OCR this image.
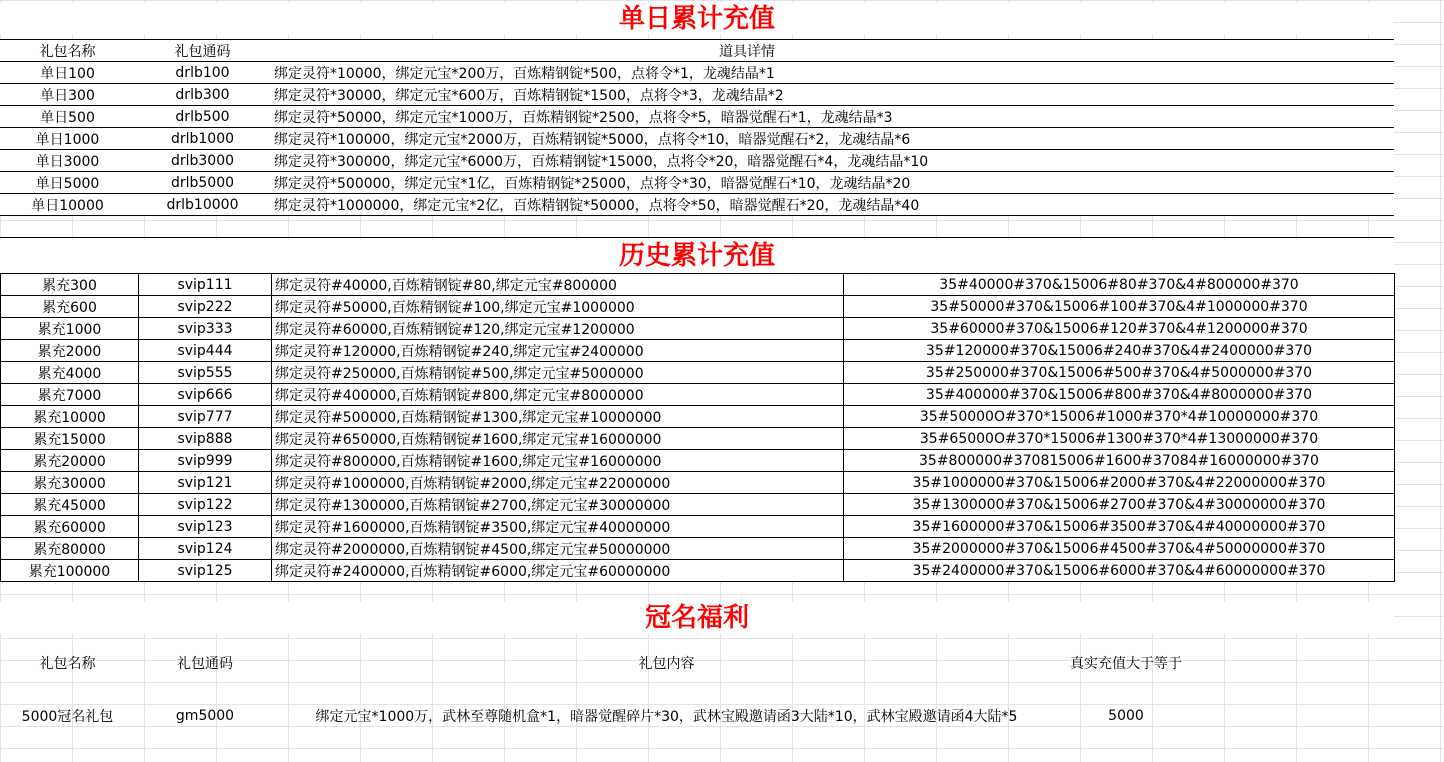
单日累计充值
礼包名称	礼包通码	道具详情
单日100	drlb100	绑定灵符*10000，绑定元宝*200万，百炼精钢锭*500，点将令*1，龙魂结晶*1
单日300	drlb300	绑定灵符*30000，绑定元宝*600万，百炼精钢锭*1500，点将令*3，龙魂结晶*2
单日500	drlb500	绑定灵符*50000，绑定元宝*1000万，百炼精钢锭*2500，点将令*5，暗器觉醒石*1，龙魂结晶*3
单日1000	drlb1000	绑定灵符*100000，绑定元宝*2000万，百炼精钢锭*5000，点将令*10，暗器觉醒石*2，龙魂结晶*6
单日3000	drlb3000	绑定灵符*300000，绑定元宝*6000万，百炼精钢锭*15000，点将令*20，暗器觉醒石*4，龙魂结晶*10
单日5000	drlb5000	绑定灵符*500000，绑定元宝*1亿，百炼精钢锭*25000，点将令*30，暗器觉醒石*10，龙魂结晶*20
单日10000	drlb10000	绑定灵符*1000000，绑定元宝*2亿，百炼精钢锭*50000，点将令*50，暗器觉醒石*20，龙魂结晶*40
历史累计充值
累充300	svip111	绑定灵符#40000,百炼精钢锭#80,绑定元宝#800000	35#40000#370&15006#80#370&4#800000#370
累充600	svip222	绑定灵符#50000,百炼精钢锭#100,绑定元宝#1000000	35#50000#370&15006#100#370&4#1000000#370
累充1000	svip333	绑定灵符#60000,百炼精钢锭#120,绑定元宝#1200000	35#60000#370&15006#120#370&4#1200000#370
累充2000	svip444	绑定灵符#120000,百炼精钢锭#240,绑定元宝#2400000	35#120000#370&15006#240#370&4#2400000#370
累充4000	svip555	绑定灵符#250000,百炼精钢锭#500,绑定元宝#5000000	35#250000#370&15006#500#370&4#5000000#370
累充7000	svip666	绑定灵符#400000,百炼精钢锭#800,绑定元宝#8000000	35#400000#370&15006#800#370&4#8000000#370
累充10000	svip777	绑定灵符#500000,百炼精钢锭#1300,绑定元宝#10000000	35#50000O#370*15006#1000#370*4#10000000#370
累充15000	svip888	绑定灵符#650000,百炼精钢锭#1600,绑定元宝#16000000	35#65000O#370*15006#1300#370*4#13000000#370
累充20000	svip999	绑定灵符#800000,百炼精钢锭#1600,绑定元宝#16000000	35#800000#370815006#1600#37084#16000000#370
累充30000	svip121	绑定灵符#1000000,百炼精钢锭#2000,绑定元宝#22000000	35#1000000#370&15006#2000#370&4#22000000#370
累充45000	svip122	绑定灵符#1300000,百炼精钢锭#2700,绑定元宝#30000000	35#1300000#370&15006#2700#370&4#30000000#370
累充60000	svip123	绑定灵符#1600000,百炼精钢锭#3500,绑定元宝#40000000	35#1600000#370&15006#3500#370&4#40000000#370
累充80000	svip124	绑定灵符#2000000,百炼精钢锭#4500,绑定元宝#50000000	35#2000000#370&15006#4500#370&4#50000000#370
累充100000	svip125	绑定灵符#2400000,百炼精钢锭#6000,绑定元宝#60000000	35#2400000#370&15006#6000#370&4#60000000#370
冠名福利
礼包名称	礼包通码	礼包内容	真实充值大于等于
5000冠名礼包	gm5000	绑定元宝*1000万，武林至尊随机盒*1，暗器觉醒碎片*30，武林宝殿邀请函3大陆*10，武林宝殿邀请函4大陆*5	5000
